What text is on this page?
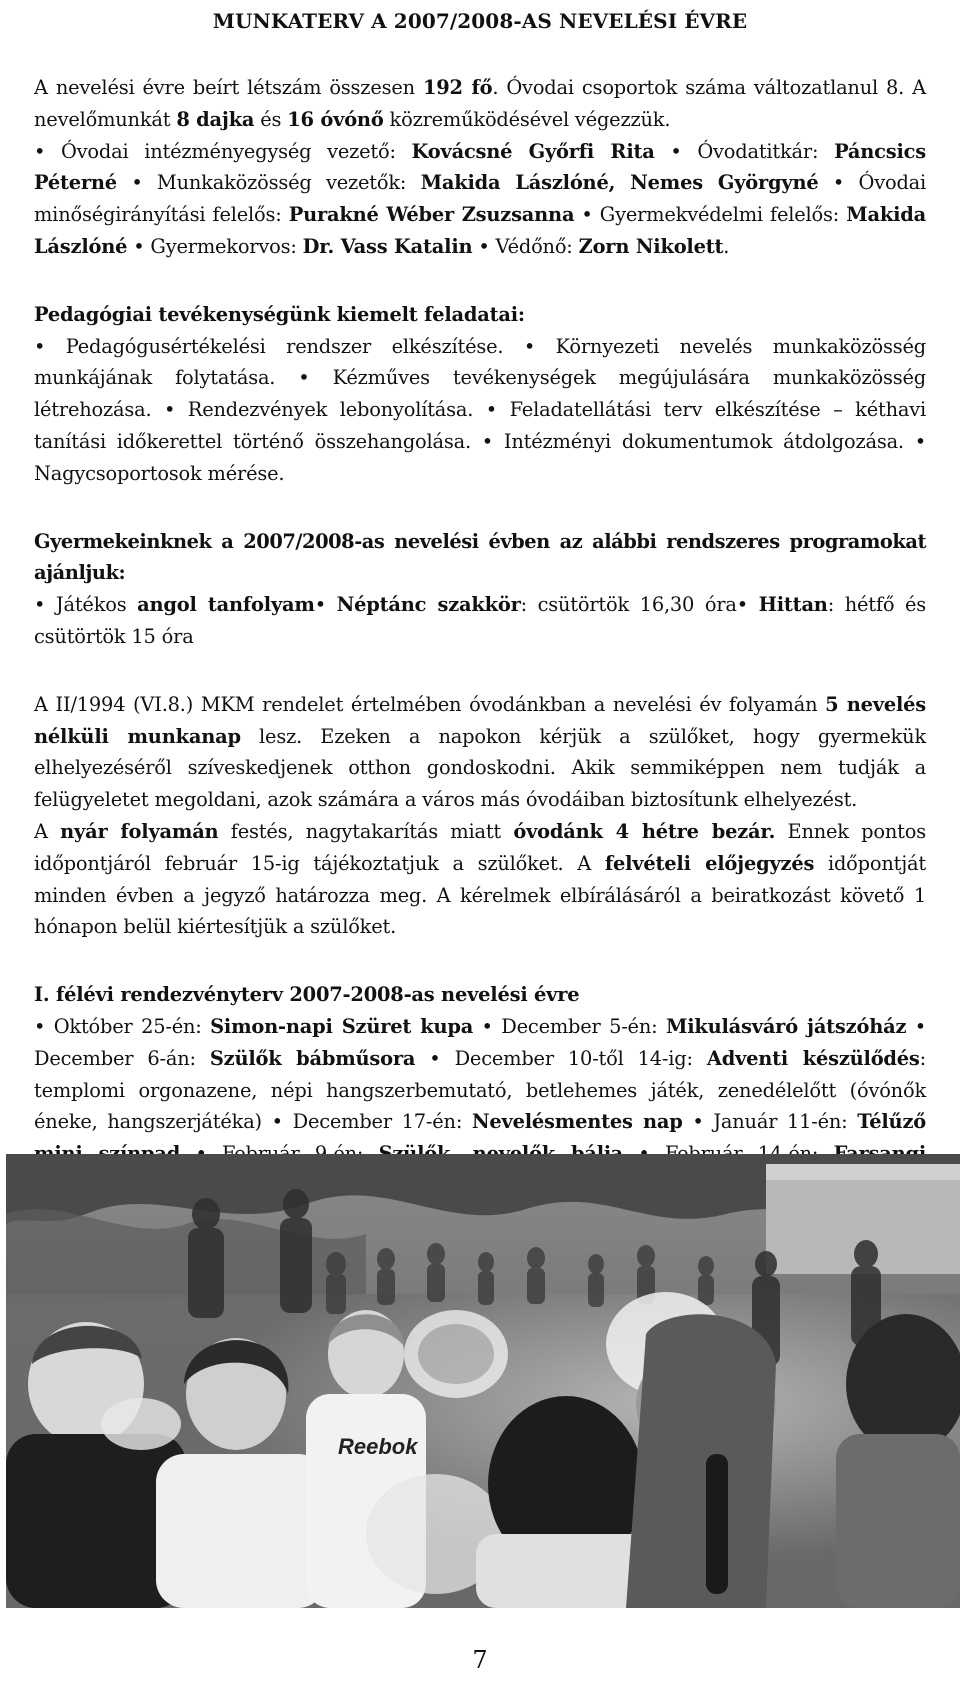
MUNKATERV A 2007/2008-AS NEVELÉSI ÉVRE

A nevelési évre beírt létszám összesen 192 fő. Óvodai csoportok száma változatlanul 8. A nevelőmunkát 8 dajka és 16 óvónő közreműködésével végezzük.

• Óvodai intézményegység vezető: Kovácsné Győrfi Rita • Óvodatitkár: Páncsics Péterné • Munkaközösség vezetők: Makida Lászlóné, Nemes Györgyné • Óvodai minőségirányítási felelős: Purakné Wéber Zsuzsanna • Gyermekvédelmi felelős: Makida Lászlóné • Gyermekorvos: Dr. Vass Katalin • Védőnő: Zorn Nikolett.

Pedagógiai tevékenységünk kiemelt feladatai:

• Pedagógusértékelési rendszer elkészítése. • Környezeti nevelés munkaközösség munkájának folytatása. • Kézműves tevékenységek megújulására munkaközösség létrehozása. • Rendezvények lebonyolítása. • Feladatellátási terv elkészítése – kéthavi tanítási időkerettel történő összehangolása. • Intézményi dokumentumok átdolgozása. • Nagycsoportosok mérése.

Gyermekeinknek a 2007/2008-as nevelési évben az alábbi rendszeres programokat ajánljuk:

• Játékos angol tanfolyam• Néptánc szakkör: csütörtök 16,30 óra• Hittan: hétfő és csütörtök 15 óra

A II/1994 (VI.8.) MKM rendelet értelmében óvodánkban a nevelési év folyamán 5 nevelés nélküli munkanap lesz. Ezeken a napokon kérjük a szülőket, hogy gyermekük elhelyezéséről szíveskedjenek otthon gondoskodni. Akik semmiképpen nem tudják a felügyeletet megoldani, azok számára a város más óvodáiban biztosítunk elhelyezést.

A nyár folyamán festés, nagytakarítás miatt óvodánk 4 hétre bezár. Ennek pontos időpontjáról február 15-ig tájékoztatjuk a szülőket. A felvételi előjegyzés időpontját minden évben a jegyző határozza meg. A kérelmek elbírálásáról a beiratkozást követő 1 hónapon belül kiértesítjük a szülőket.

I. félévi rendezvényterv 2007-2008-as nevelési évre

• Október 25-én: Simon-napi Szüret kupa • December 5-én: Mikulásváró játszóház • December 6-án: Szülők bábműsora • December 10-től 14-ig: Adventi készülődés: templomi orgonazene, népi hangszerbemutató, betlehemes játék, zenedélelőtt (óvónők éneke, hangszerjátéka) • December 17-én: Nevelésmentes nap • Január 11-én: Télűző

Reebok
7
